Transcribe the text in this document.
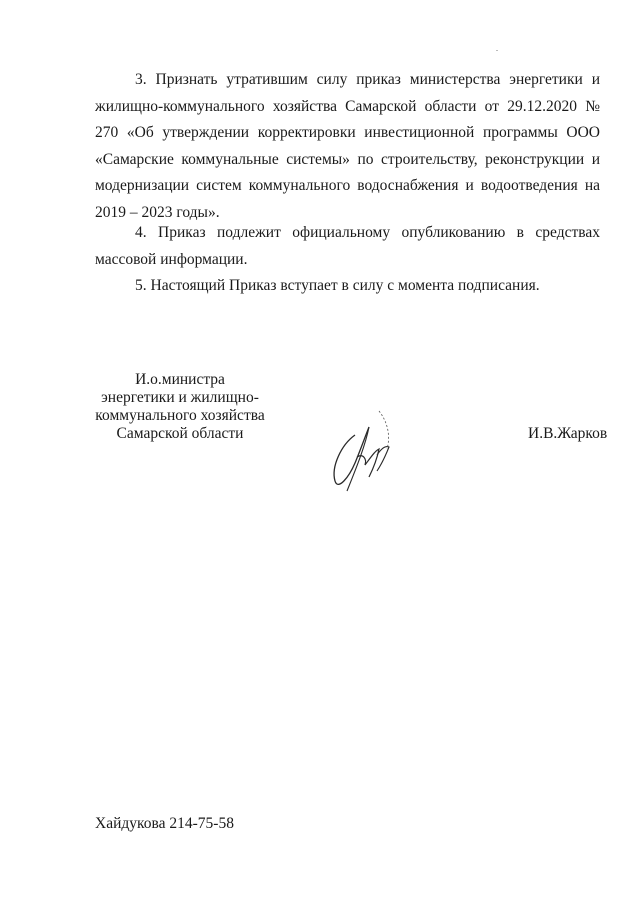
3. Признать утратившим силу приказ министерства энергетики и жилищно-коммунального хозяйства Самарской области от 29.12.2020 № 270 «Об утверждении корректировки инвестиционной программы ООО «Самарские коммунальные системы» по строительству, реконструкции и модернизации систем коммунального водоснабжения и водоотведения на 2019 – 2023 годы».

4. Приказ подлежит официальному опубликованию в средствах массовой информации.

5. Настоящий Приказ вступает в силу с момента подписания.

И.о.министра
энергетики и жилищно-
коммунального хозяйства
Самарской области	И.В.Жарков
Хайдукова 214-75-58
